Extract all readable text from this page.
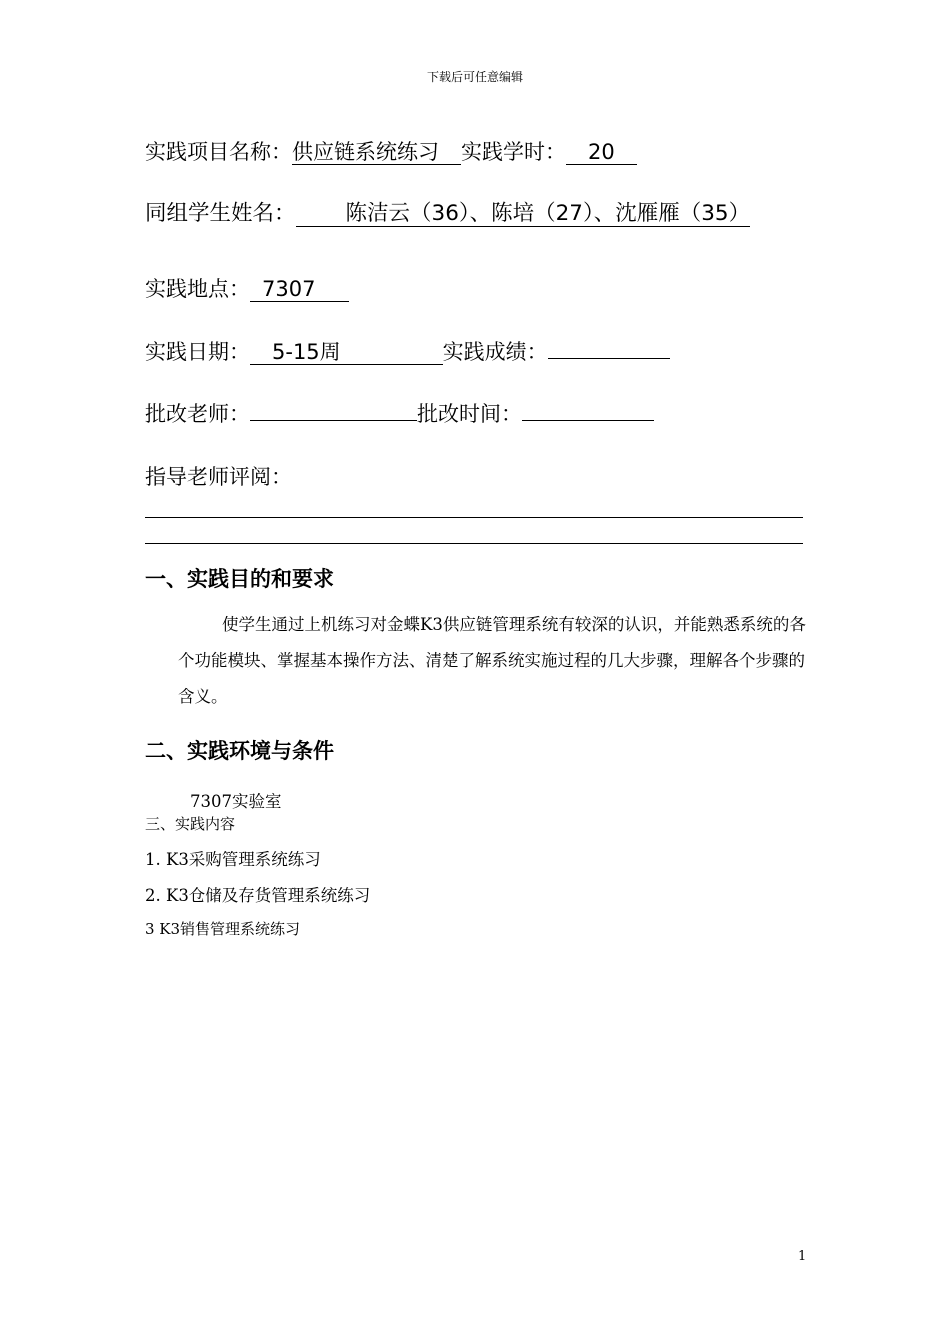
下载后可任意编辑
实践项目名称：供应链系统练习 实践学时： 20
同组学生姓名： 陈洁云（36）、陈培（27）、沈雁雁（35）
实践地点： 7307
实践日期： 5-15周	实践成绩：
批改老师：	批改时间：
指导老师评阅：
一、实践目的和要求
使学生通过上机练习对金蝶K3供应链管理系统有较深的认识，并能熟悉系统的各个功能模块、掌握基本操作方法、清楚了解系统实施过程的几大步骤，理解各个步骤的含义。
二、实践环境与条件
7307实验室
三、实践内容
1. K3采购管理系统练习
2. K3仓储及存货管理系统练习
3 K3销售管理系统练习
1
